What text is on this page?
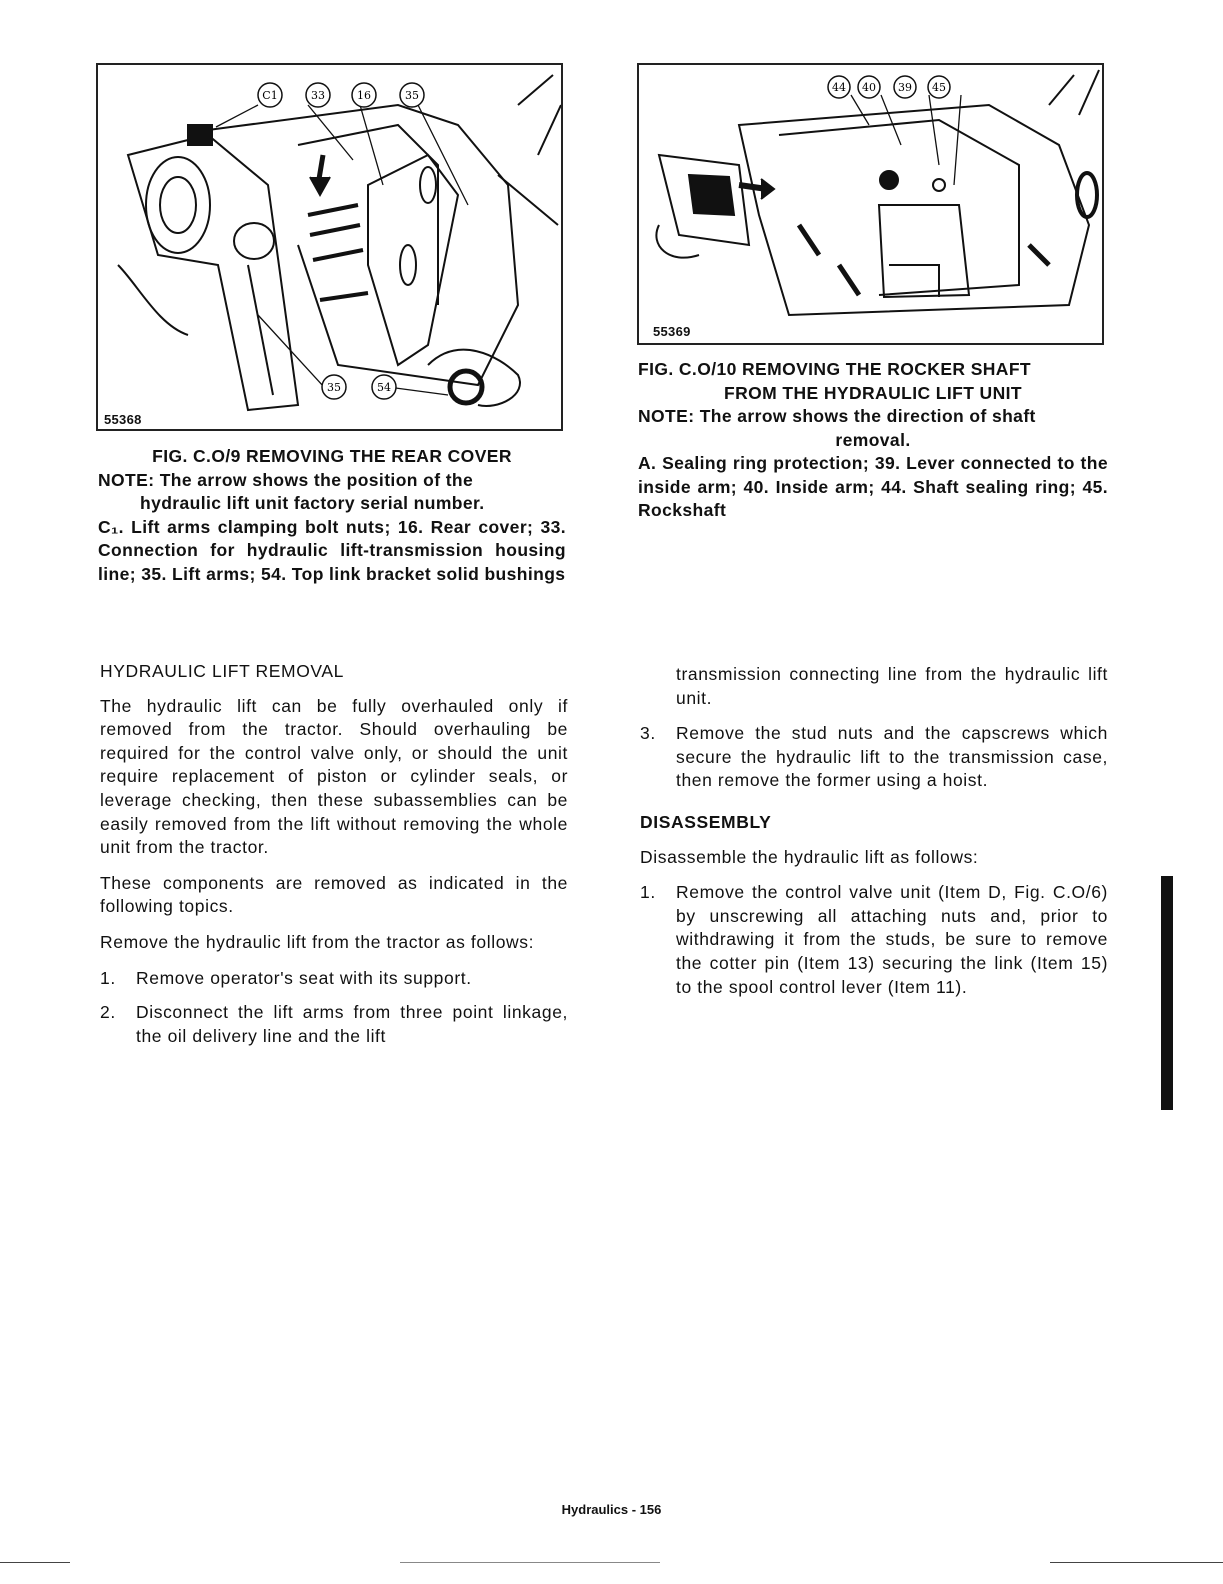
C1	33	16	35
35	54
55368
FIG. C.O/9 REMOVING THE REAR COVER
NOTE: The arrow shows the position of the
hydraulic lift unit factory serial number.
C₁. Lift arms clamping bolt nuts; 16. Rear cover; 33. Connection for hydraulic lift-transmission housing line; 35. Lift arms; 54. Top link bracket solid bushings
44 40 39 45
55369
FIG. C.O/10 REMOVING THE ROCKER SHAFT
FROM THE HYDRAULIC LIFT UNIT
NOTE: The arrow shows the direction of shaft
removal.
A. Sealing ring protection; 39. Lever connected to the inside arm; 40. Inside arm; 44. Shaft sealing ring; 45. Rockshaft
HYDRAULIC LIFT REMOVAL

The hydraulic lift can be fully overhauled only if removed from the tractor. Should overhauling be required for the control valve only, or should the unit require replacement of piston or cylinder seals, or leverage checking, then these subassemblies can be easily removed from the lift without removing the whole unit from the tractor.

These components are removed as indicated in the following topics.

Remove the hydraulic lift from the tractor as follows:

1.	Remove operator's seat with its support.
2.	Disconnect the lift arms from three point linkage, the oil delivery line and the lift

transmission connecting line from the hydraulic lift unit.

3.	Remove the stud nuts and the capscrews which secure the hydraulic lift to the transmission case, then remove the former using a hoist.
DISASSEMBLY

Disassemble the hydraulic lift as follows:

1.	Remove the control valve unit (Item D, Fig. C.O/6) by unscrewing all attaching nuts and, prior to withdrawing it from the studs, be sure to remove the cotter pin (Item 13) securing the link (Item 15) to the spool control lever (Item 11).
Hydraulics - 156
